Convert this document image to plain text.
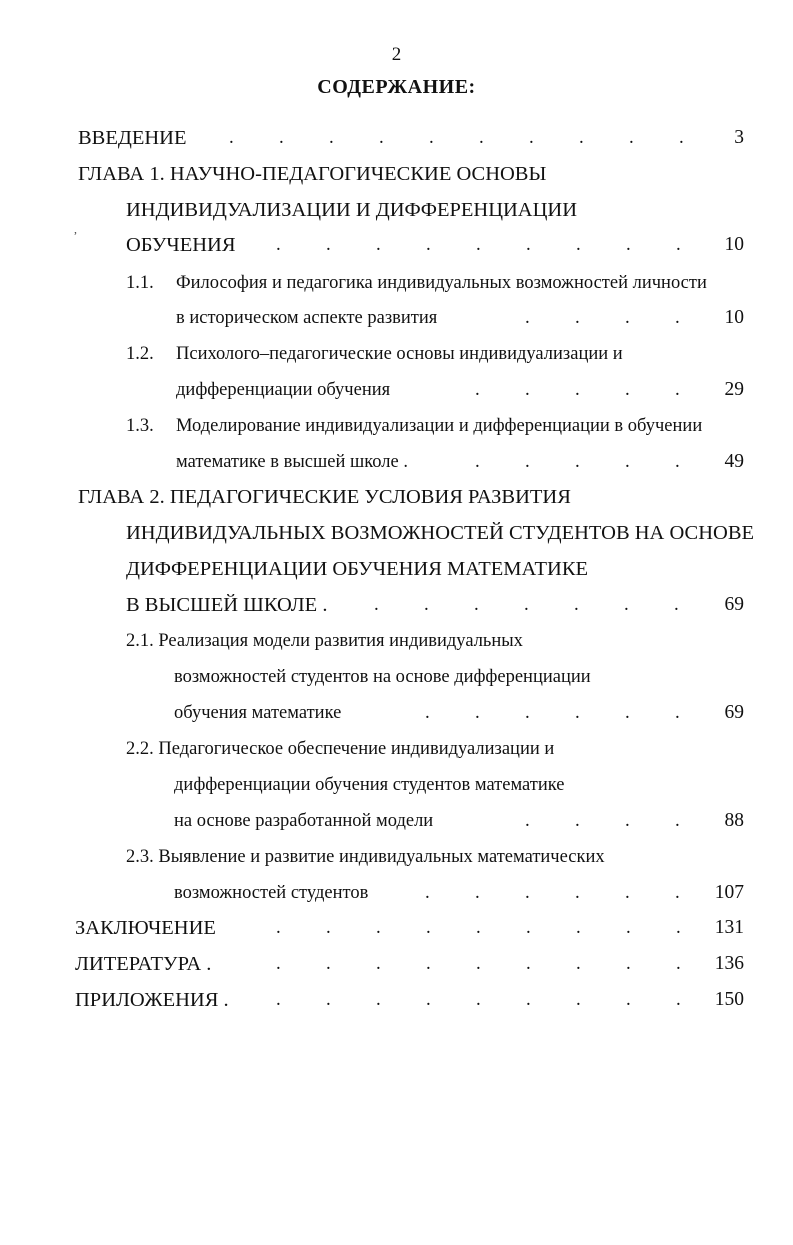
2
СОДЕРЖАНИЕ:
,
ВВЕДЕНИЕ . . . . . . . . . .	3
ГЛАВА 1. НАУЧНО-ПЕДАГОГИЧЕСКИЕ ОСНОВЫ
ИНДИВИДУАЛИЗАЦИИ И ДИФФЕРЕНЦИАЦИИ
ОБУЧЕНИЯ . . . . . . . . .	10
1.1. Философия и педагогика индивидуальных возможностей личности
в историческом аспекте развития	. . . .	10
1.2. Психолого–педагогические основы индивидуализации и
дифференциации обучения	. . . . .	29
1.3. Моделирование индивидуализации и дифференциации в обучении
математике в высшей школе .	. . . . .	49
ГЛАВА 2. ПЕДАГОГИЧЕСКИЕ УСЛОВИЯ РАЗВИТИЯ
ИНДИВИДУАЛЬНЫХ ВОЗМОЖНОСТЕЙ СТУДЕНТОВ НА ОСНОВЕ
ДИФФЕРЕНЦИАЦИИ ОБУЧЕНИЯ МАТЕМАТИКЕ
В ВЫСШЕЙ ШКОЛЕ . . . . . . . .	69
2.1. Реализация модели развития индивидуальных
возможностей студентов на основе дифференциации
обучения математике	. . . . . .	69
2.2. Педагогическое обеспечение индивидуализации и
дифференциации обучения студентов математике
на основе разработанной модели	. . . .	88
2.3. Выявление и развитие индивидуальных математических
возможностей студентов	. . . . . .	107
ЗАКЛЮЧЕНИЕ	. . . . . . . . .	131
ЛИТЕРАТУРА .	. . . . . . . . .	136
ПРИЛОЖЕНИЯ . . . . . . . . . .	150
